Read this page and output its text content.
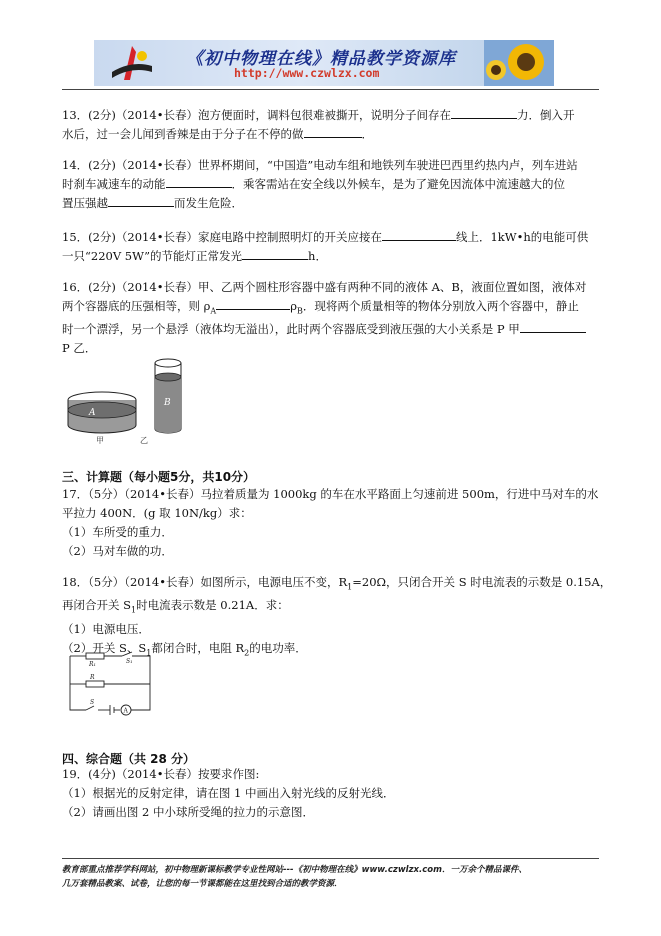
《初中物理在线》精品教学资源库
http://www.czwlzx.com

13．(2分)（2014•长春）泡方便面时，调料包很难被撕开，说明分子间存在	力．倒入开

水后，过一会儿闻到香辣是由于分子在不停的做	．

14．(2分)（2014•长春）世界杯期间，“中国造”电动车组和地铁列车驶进巴西里约热内卢，列车进站

时刹车减速车的动能	．乘客需站在安全线以外候车，是为了避免因流体中流速越大的位

置压强越	而发生危险．

15．(2分)（2014•长春）家庭电路中控制照明灯的开关应接在	线上．1kW•h的电能可供

一只“220V 5W”的节能灯正常发光	h．

16．(2分)（2014•长春）甲、乙两个圆柱形容器中盛有两种不同的液体 A、B，液面位置如图，液体对

两个容器底的压强相等，则 $\rho_A$	$\rho_B$．现将两个质量相等的物体分别放入两个容器中，静止

时一个漂浮，另一个悬浮（液体均无溢出），此时两个容器底受到液压强的大小关系是 P 甲

P 乙．

A
B
甲	乙
三、计算题（每小题5分，共10分）

17．（5分）（2014•长春）马拉着质量为 1000kg 的车在水平路面上匀速前进 500m，行进中马对车的水

平拉力 400N．(g 取 10N/kg）求：

（1）车所受的重力．

（2）马对车做的功．

18．（5分）（2014•长春）如图所示，电源电压不变，$R_1=20\Omega$，只闭合开关 S 时电流表的示数是 0.15A，

再闭合开关 $S_1$时电流表示数是 0.21A．求：

（1）电源电压．

（2）开关 S、$S_1$都闭合时，电阻 $R_2$的电功率．

A
R₁
R
S₁
S
四、综合题（共 28 分）

19．(4分)（2014•长春）按要求作图:

（1）根据光的反射定律，请在图 1 中画出入射光线的反射光线．

（2）请画出图 2 中小球所受绳的拉力的示意图．

教育部重点推荐学科网站，初中物理新课标教学专业性网站---《初中物理在线》www.czwlzx.com．一万余个精品课件、

几万套精品教案、试卷，让您的每一节课都能在这里找到合适的教学资源．
